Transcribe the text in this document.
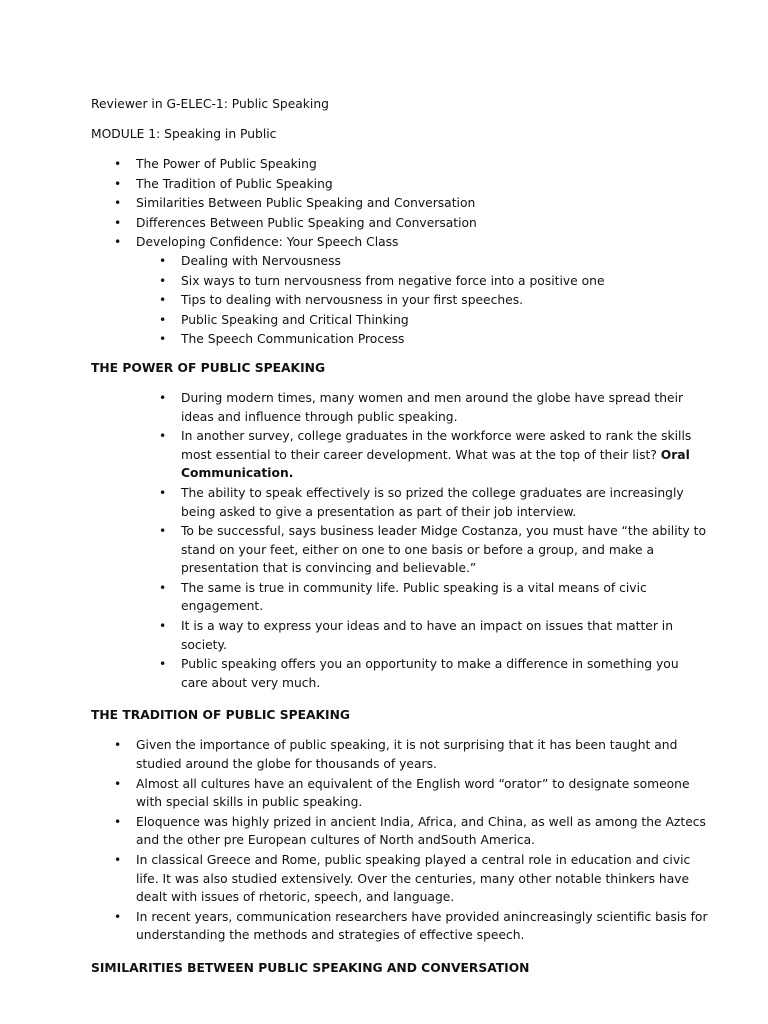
Reviewer in G-ELEC-1: Public Speaking

MODULE 1: Speaking in Public

• The Power of Public Speaking
• The Tradition of Public Speaking
• Similarities Between Public Speaking and Conversation
• Differences Between Public Speaking and Conversation
• Developing Confidence: Your Speech Class
• Dealing with Nervousness
• Six ways to turn nervousness from negative force into a positive one
• Tips to dealing with nervousness in your first speeches.
• Public Speaking and Critical Thinking
• The Speech Communication Process

THE POWER OF PUBLIC SPEAKING

• During modern times, many women and men around the globe have spread their ideas and influence through public speaking.
• In another survey, college graduates in the workforce were asked to rank the skills most essential to their career development. What was at the top of their list? Oral Communication.
• The ability to speak effectively is so prized the college graduates are increasingly being asked to give a presentation as part of their job interview.
• To be successful, says business leader Midge Costanza, you must have “the ability to stand on your feet, either on one to one basis or before a group, and make a presentation that is convincing and believable.”
• The same is true in community life. Public speaking is a vital means of civic engagement.
• It is a way to express your ideas and to have an impact on issues that matter in society.
• Public speaking offers you an opportunity to make a difference in something you care about very much.

THE TRADITION OF PUBLIC SPEAKING

• Given the importance of public speaking, it is not surprising that it has been taught and studied around the globe for thousands of years.
• Almost all cultures have an equivalent of the English word “orator” to designate someone with special skills in public speaking.
• Eloquence was highly prized in ancient India, Africa, and China, as well as among the Aztecs and the other pre European cultures of North andSouth America.
• In classical Greece and Rome, public speaking played a central role in education and civic life. It was also studied extensively. Over the centuries, many other notable thinkers have dealt with issues of rhetoric, speech, and language.
• In recent years, communication researchers have provided anincreasingly scientific basis for understanding the methods and strategies of effective speech.

SIMILARITIES BETWEEN PUBLIC SPEAKING AND CONVERSATION
